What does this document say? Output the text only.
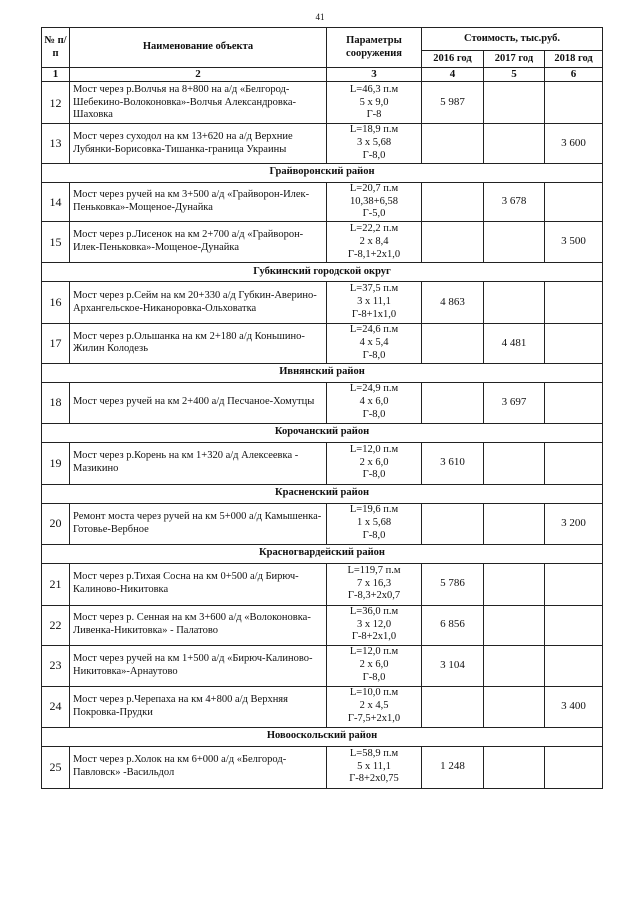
41
№ п/п	Наименование объекта	Параметры сооружения	Стоимость, тыс.руб.		
			2016 год	2017 год	2018 год
1	2	3	4	5	6
12	Мост через р.Волчья на 8+800 на а/д «Белгород-Шебекино-Волоконовка»-Волчья Александровка-Шаховка	L=46,3 п.м
5 х 9,0
Г-8	5 987		
13	Мост через суходол на км 13+620 на а/д Верхние Лубянки-Борисовка-Тишанка-граница Украины	L=18,9 п.м
3 х 5,68
Г-8,0			3 600
Грайворонский район					
14	Мост через ручей на км 3+500 а/д «Грайворон-Илек-Пеньковка»-Мощеное-Дунайка	L=20,7 п.м
10,38+6,58
Г-5,0		3 678	
15	Мост через р.Лисенок на км 2+700 а/д «Грайворон-Илек-Пеньковка»-Мощеное-Дунайка	L=22,2 п.м
2 х 8,4
Г-8,1+2х1,0			3 500
Губкинский городской округ					
16	Мост через р.Сейм на км 20+330 а/д Губкин-Аверино-Архангельское-Никаноровка-Ольховатка	L=37,5 п.м
3 х 11,1
Г-8+1х1,0	4 863		
17	Мост через р.Ольшанка на км 2+180 а/д Коньшино-Жилин Колодезь	L=24,6 п.м
4 х 5,4
Г-8,0		4 481	
Ивнянский район					
18	Мост через ручей на км 2+400 а/д Песчаное-Хомутцы	L=24,9 п.м
4 х 6,0
Г-8,0		3 697	
Корочанский район					
19	Мост через р.Корень на км 1+320 а/д Алексеевка - Мазикино	L=12,0 п.м
2 х 6,0
Г-8,0	3 610		
Красненский район					
20	Ремонт моста через ручей на км 5+000 а/д Камышенка-Готовье-Вербное	L=19,6 п.м
1 х 5,68
Г-8,0			3 200
Красногвардейский район					
21	Мост через р.Тихая Сосна на км 0+500 а/д Бирюч-Калиново-Никитовка	L=119,7 п.м
7 х 16,3
Г-8,3+2х0,7	5 786		
22	Мост через р. Сенная на км 3+600 а/д «Волоконовка-Ливенка-Никитовка» - Палатово	L=36,0 п.м
3 х 12,0
Г-8+2х1,0	6 856		
23	Мост через ручей на км 1+500 а/д «Бирюч-Калиново-Никитовка»-Арнаутово	L=12,0 п.м
2 х 6,0
Г-8,0	3 104		
24	Мост через р.Черепаха на км 4+800 а/д Верхняя Покровка-Прудки	L=10,0 п.м
2 х 4,5
Г-7,5+2х1,0			3 400
Новооскольский район					
25	Мост через р.Холок на км 6+000 а/д «Белгород-Павловск» -Васильдол	L=58,9 п.м
5 х 11,1
Г-8+2х0,75	1 248		
